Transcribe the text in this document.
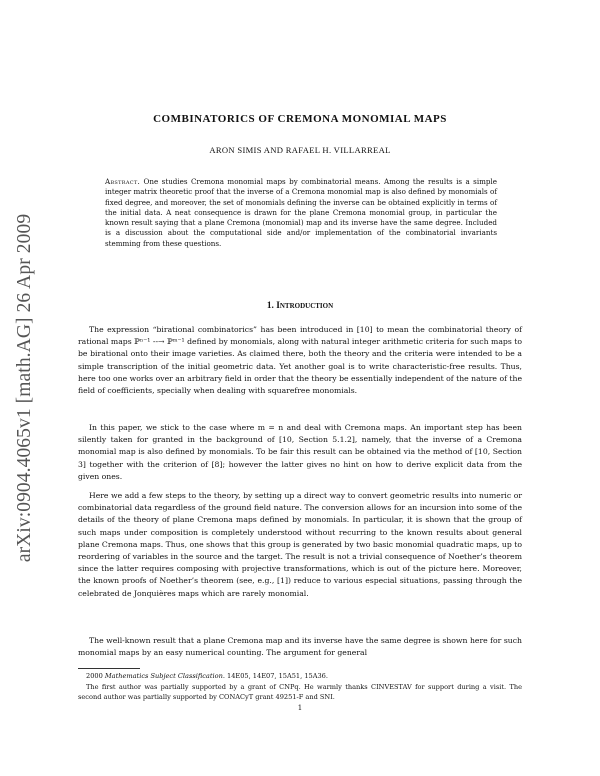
arXiv:0904.4065v1 [math.AG] 26 Apr 2009
COMBINATORICS OF CREMONA MONOMIAL MAPS

ARON SIMIS AND RAFAEL H. VILLARREAL

Abstract. One studies Cremona monomial maps by combinatorial means. Among the results is a simple integer matrix theoretic proof that the inverse of a Cremona monomial map is also defined by monomials of fixed degree, and moreover, the set of monomials defining the inverse can be obtained explicitly in terms of the initial data. A neat consequence is drawn for the plane Cremona monomial group, in particular the known result saying that a plane Cremona (monomial) map and its inverse have the same degree. Included is a discussion about the computational side and/or implementation of the combinatorial invariants stemming from these questions.

1. Introduction

The expression “birational combinatorics” has been introduced in [10] to mean the combinatorial theory of rational maps ℙⁿ⁻¹ --→ ℙᵐ⁻¹ defined by monomials, along with natural integer arithmetic criteria for such maps to be birational onto their image varieties. As claimed there, both the theory and the criteria were intended to be a simple transcription of the initial geometric data. Yet another goal is to write characteristic-free results. Thus, here too one works over an arbitrary field in order that the theory be essentially independent of the nature of the field of coefficients, specially when dealing with squarefree monomials.

In this paper, we stick to the case where m = n and deal with Cremona maps. An important step has been silently taken for granted in the background of [10, Section 5.1.2], namely, that the inverse of a Cremona monomial map is also defined by monomials. To be fair this result can be obtained via the method of [10, Section 3] together with the criterion of [8]; however the latter gives no hint on how to derive explicit data from the given ones.

Here we add a few steps to the theory, by setting up a direct way to convert geometric results into numeric or combinatorial data regardless of the ground field nature. The conversion allows for an incursion into some of the details of the theory of plane Cremona maps defined by monomials. In particular, it is shown that the group of such maps under composition is completely understood without recurring to the known results about general plane Cremona maps. Thus, one shows that this group is generated by two basic monomial quadratic maps, up to reordering of variables in the source and the target. The result is not a trivial consequence of Noether’s theorem since the latter requires composing with projective transformations, which is out of the picture here. Moreover, the known proofs of Noether’s theorem (see, e.g., [1]) reduce to various especial situations, passing through the celebrated de Jonquières maps which are rarely monomial.

The well-known result that a plane Cremona map and its inverse have the same degree is shown here for such monomial maps by an easy numerical counting. The argument for general

2000 Mathematics Subject Classification. 14E05, 14E07, 15A51, 15A36.

The first author was partially supported by a grant of CNPq. He warmly thanks CINVESTAV for support during a visit. The second author was partially supported by CONACyT grant 49251-F and SNI.

1
